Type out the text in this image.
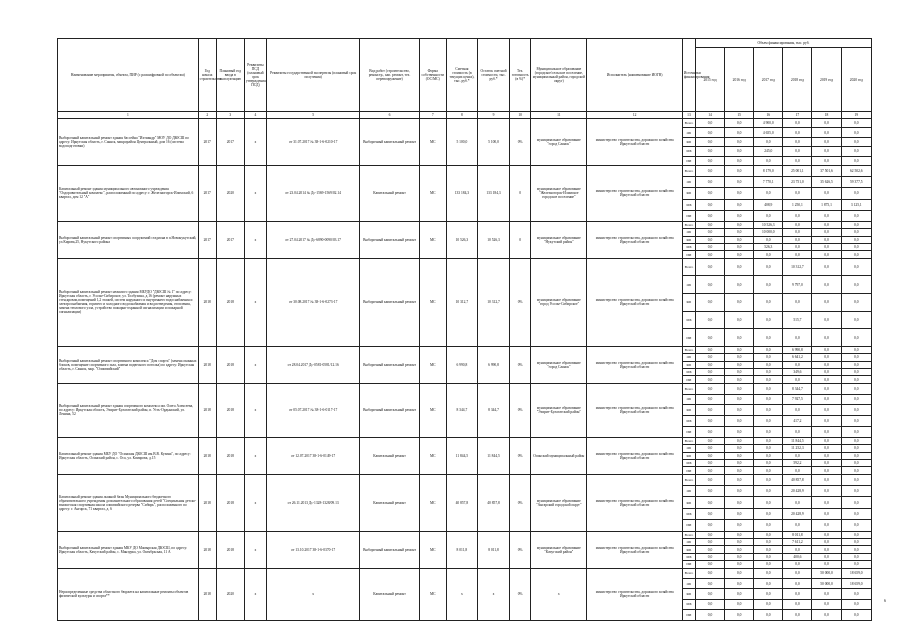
Наименование мероприятия, объекта, ПИР (с расшифровкой по объектам)	Год начала строительства	Плановый год ввода в эксплуатацию	Реквизиты ПСД (плановый срок утверждения ПСД)	Реквизиты государственной экспертизы (плановый срок получения)	Вид работ (строительство, реконстр., кап. ремонт, тех. перевооружение)	Форма собственности (ОС/МС)	Сметная стоимость (в текущих ценах), тыс. руб.*	Остаток сметной стоимости, тыс. руб.*	Тех. готовность (в %)*	Муниципальное образование (городское/сельское поселение, муниципальный район, городской округ)	Исполнитель (наименование ИОГВ)	Источники финансирования	Объем финансирования, тыс. руб.					
													2015 год	2016 год	2017 год	2018 год	2019 год	2020 год
1	2	3	4	5	6	7	8	9	10	11	12	13	14	15	16	17	18	19
Выборочный капитальный ремонт здания бассейна "Ихтиандр" МОУ ДО ДЮСШ по адресу: Иркутская область, г. Саянск, микрорайон Центральный, дом 16 (система водоподготовки)	2017	2017	x	от 31.07.2017 № 38-1-6-0210-17	Выборочный капитальный ремонт	МС	5 100,0	5 100,0	0%	муниципальное образование "город Саянск"	министерство строительства, дорожного хозяйства Иркутской области	Всего	0,0	0,0	4 900,0	0,0	0,0	0,0
												ОБ	0,0	0,0	4 655,0	0,0	0,0	0,0
												ФБ	0,0	0,0	0,0	0,0	0,0	0,0
												МБ	0,0	0,0	245,0	0,0	0,0	0,0
												ИИ	0,0	0,0	0,0	0,0	0,0	0,0
Капитальный ремонт здания муниципального автономного учреждения "Оздоровительный комплекс", расположенный по адресу: г. Железногорск-Илимский, 6 квартал, дом 12 "А"	2017	2020	x	от 23.04.2014 № Дс-1569-1569/02.14	Капитальный ремонт	МС	133 184,3	133 184,3	0	муниципальное образование "Железногорск-Илимское городское поселение"	министерство строительства, дорожного хозяйства Иркутской области	Всего	0,0	0,0	8 179,0	25 001,1	37 501,6	62 502,6
												ОБ	0,0	0,0	7 770,1	23 751,0	35 626,5	59 377,5
												ФБ	0,0	0,0	0,0	0,0	0,0	0,0
												МБ	0,0	0,0	408,9	1 250,1	1 875,1	3 125,1
												ИИ	0,0	0,0	0,0	0,0	0,0	0,0
Выборочный капитальный ремонт спортивных сооружений стадиона в п.Новонукутский, ул.Кирова,25, Нукутского района	2017	2017	x	от 27.04.2017 № Дс-6890-0090/03.17	Выборочный капитальный ремонт	МС	10 526,3	10 526,3	0	муниципальное образование "Нукутский район"	министерство строительства, дорожного хозяйства Иркутской области	Всего	0,0	0,0	10 526,3	0,0	0,0	0,0
												ОБ	0,0	0,0	10 000,0	0,0	0,0	0,0
												ФБ	0,0	0,0	0,0	0,0	0,0	0,0
												МБ	0,0	0,0	526,3	0,0	0,0	0,0
												ИИ	0,0	0,0	0,0	0,0	0,0	0,0
Выборочный капитальный ремонт нежилого здания МБУДО "ДЮСШ № 1" по адресу: Иркутская область, г. Усолье-Сибирское, ул. Толбухина, д.16 (ремонт наружных стен,кровли,помещений 1,2 этажей, систем наружного и внутреннего водоснабжения и электроснабжения, горячего и холодного водоснабжения и водоотведения, отопления, замена теплового узла, устройство пожарно-охранной сигнализации и пожарной сигнализации)	2018	2018	x	от 30.08.2017 № 38-1-6-0273-17	Выборочный капитальный ремонт	МС	10 312,7	10 312,7	0%	муниципальное образование "город Усолье-Сибирское"	министерство строительства, дорожного хозяйства Иркутской области	Всего	0,0	0,0	0,0	10 312,7	0,0	0,0
												ОБ	0,0	0,0	0,0	9 797,0	0,0	0,0
												ФБ	0,0	0,0	0,0	0,0	0,0	0,0
												МБ	0,0	0,0	0,0	515,7	0,0	0,0
												ИИ	0,0	0,0	0,0	0,0	0,0	0,0
Выборочный капитальный ремонт спортивного комплекса "Дом спорта" (замена оконных блоков, помещение спортивного зала, замена подвесного потолка) по адресу: Иркутская область, г. Саянск, мкр. "Олимпийский"	2018	2018	x	от 28.04.2017 Дс-0581-0581/12.16	Выборочный капитальный ремонт	МС	6 990,8	6 990,8	0%	муниципальное образование "город Саянск"	министерство строительства, дорожного хозяйства Иркутской области	Всего	0,0	0,0	0,0	6 990,8	0,0	0,0
												ОБ	0,0	0,0	0,0	6 641,2	0,0	0,0
												ФБ	0,0	0,0	0,0	0,0	0,0	0,0
												МБ	0,0	0,0	0,0	349,6	0,0	0,0
												ИИ	0,0	0,0	0,0	0,0	0,0	0,0
Выборочный капитальный ремонт здания спортивного комплекса им. Олега Алексеева, по адресу: Иркутская область, Эхирит-Булагатский район, п. Усть-Ордынский, ул. Ленина, 52	2018	2018	x	от 05.07.2017 № 38-1-6-0117-17	Выборочный капитальный ремонт	МС	8 344,7	8 344,7	0%	муниципальное образование "Эхирит-Булагатский район"	министерство строительства, дорожного хозяйства Иркутской области	Всего	0,0	0,0	0,0	8 344,7	0,0	0,0
												ОБ	0,0	0,0	0,0	7 927,5	0,0	0,0
												ФБ	0,0	0,0	0,0	0,0	0,0	0,0
												МБ	0,0	0,0	0,0	417,2	0,0	0,0
												ИИ	0,0	0,0	0,0	0,0	0,0	0,0
Капитальный ремонт здания МБУ ДО "Осинская ДЮСШ им.В.В. Кузина", по адресу: Иркутская область, Осинский район, с. Оса, ул. Комарова, д.15	2018	2018	x	от 12.07.2017 38-1-6-0149-17	Капитальный ремонт	МС	11 844,5	11 844,5	0%	Осинский муниципальный район	министерство строительства, дорожного хозяйства Иркутской области	Всего	0,0	0,0	0,0	11 844,5	0,0	0,0
												ОБ	0,0	0,0	0,0	11 252,3	0,0	0,0
												ФБ	0,0	0,0	0,0	0,0	0,0	0,0
												МБ	0,0	0,0	0,0	592,2	0,0	0,0
												ИИ	0,0	0,0	0,0	0,0	0,0	0,0
Капитальный ремонт здания лыжной базы Муниципального бюджетного образовательного учреждения дополнительного образования детей "Специальная детско-юношеская спортивная школа олимпийского резерва "Сибирь", расположенного по адресу: г. Ангарск, 71 квартал, д. 6	2018	2018	x	от 26.11.2013 Дс-1328-1328/09.13	Капитальный ремонт	МС	40 857,8	40 857,8	0%	муниципальное образование "Ангарский городской округ"	министерство строительства, дорожного хозяйства Иркутской области	Всего	0,0	0,0	0,0	40 857,8	0,0	0,0
												ОБ	0,0	0,0	0,0	20 428,9	0,0	0,0
												ФБ	0,0	0,0	0,0	0,0	0,0	0,0
												МБ	0,0	0,0	0,0	20 428,9	0,0	0,0
												ИИ	0,0	0,0	0,0	0,0	0,0	0,0
Выборочный капитальный ремонт здания МКУ ДО Мамырская ДЮСШ, по адресу: Иркутская область, Качугский район, с. Манзурка, ул. Октябрьская, 11 А	2018	2018	x	от 13.10.2017 38-1-6-0370-17	Выборочный капитальный ремонт	МС	8 011,8	8 011,8	0%	муниципальное образование "Качугский район"	министерство строительства, дорожного хозяйства Иркутской области	Всего	0,0	0,0	0,0	8 011,8	0,0	0,0
												ОБ	0,0	0,0	0,0	7 611,2	0,0	0,0
												ФБ	0,0	0,0	0,0	0,0	0,0	0,0
												МБ	0,0	0,0	0,0	400,6	0,0	0,0
												ИИ	0,0	0,0	0,0	0,0	0,0	0,0
Нераспределенные средства областного бюджета на капитальные ремонты объектов физической культуры и спорта**	2018	2020	x	x	Капитальный ремонт	МС	x	x	0%	x	министерство строительства, дорожного хозяйства Иркутской области	Всего	0,0	0,0	0,0	0,0	50 000,0	18 659,0
												ОБ	0,0	0,0	0,0	0,0	50 000,0	18 659,0
												ФБ	0,0	0,0	0,0	0,0	0,0	0,0
												МБ	0,0	0,0	0,0	0,0	0,0	0,0
												ИИ	0,0	0,0	0,0	0,0	0,0	0,0
6
